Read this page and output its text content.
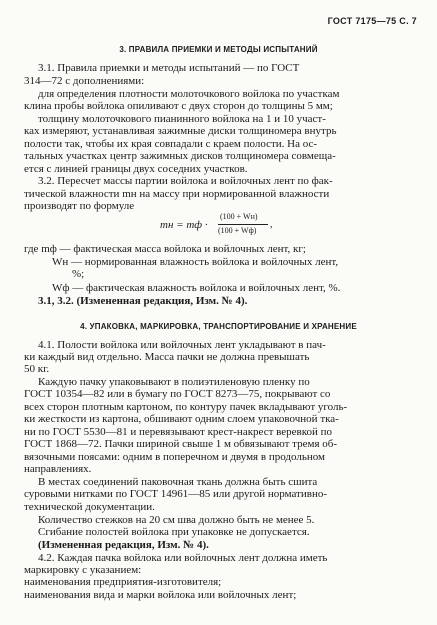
ГОСТ 7175—75 С. 7
3. ПРАВИЛА ПРИЕМКИ И МЕТОДЫ ИСПЫТАНИЙ
3.1. Правила приемки и методы испытаний — по ГОСТ
314—72 с дополнениями:
для определения плотности молоточкового войлока по участкам
клина пробы войлока опиливают с двух сторон до толщины 5 мм;
толщину молоточкового пианинного войлока на 1 и 10 участ-
ках измеряют, устанавливая зажимные диски толщиномера внутрь
полости так, чтобы их края совпадали с краем полости. На ос-
тальных участках центр зажимных дисков толщиномера совмеща-
ется с линией границы двух соседних участков.
3.2. Пересчет массы партии войлока и войлочных лент по фак-
тической влажности mн на массу при нормированной влажности
производят по формуле
mн = mф ·
(100 + Wн)
(100 + Wф)
,
где mф — фактическая масса войлока и войлочных лент, кг;
Wн — нормированная влажность войлока и войлочных лент,
%;
Wф — фактическая влажность войлока и войлочных лент, %.
3.1, 3.2. (Измененная редакция, Изм. № 4).
4. УПАКОВКА, МАРКИРОВКА, ТРАНСПОРТИРОВАНИЕ И ХРАНЕНИЕ
4.1. Полости войлока или войлочных лент укладывают в пач-
ки каждый вид отдельно. Масса пачки не должна превышать
50 кг.
Каждую пачку упаковывают в полиэтиленовую пленку по
ГОСТ 10354—82 или в бумагу по ГОСТ 8273—75, покрывают со
всех сторон плотным картоном, по контуру пачек вкладывают уголь-
ки жесткости из картона, обшивают одним слоем упаковочной тка-
ни по ГОСТ 5530—81 и перевязывают крест-накрест веревкой по
ГОСТ 1868—72. Пачки шириной свыше 1 м обвязывают тремя об-
вязочными поясами: одним в поперечном и двумя в продольном
направлениях.
В местах соединений паковочная ткань должна быть сшита
суровыми нитками по ГОСТ 14961—85 или другой нормативно-
технической документации.
Количество стежков на 20 см шва должно быть не менее 5.
Сгибание полостей войлока при упаковке не допускается.
(Измененная редакция, Изм. № 4).
4.2. Каждая пачка войлока или войлочных лент должна иметь
маркировку с указанием:
наименования предприятия-изготовителя;
наименования вида и марки войлока или войлочных лент;
